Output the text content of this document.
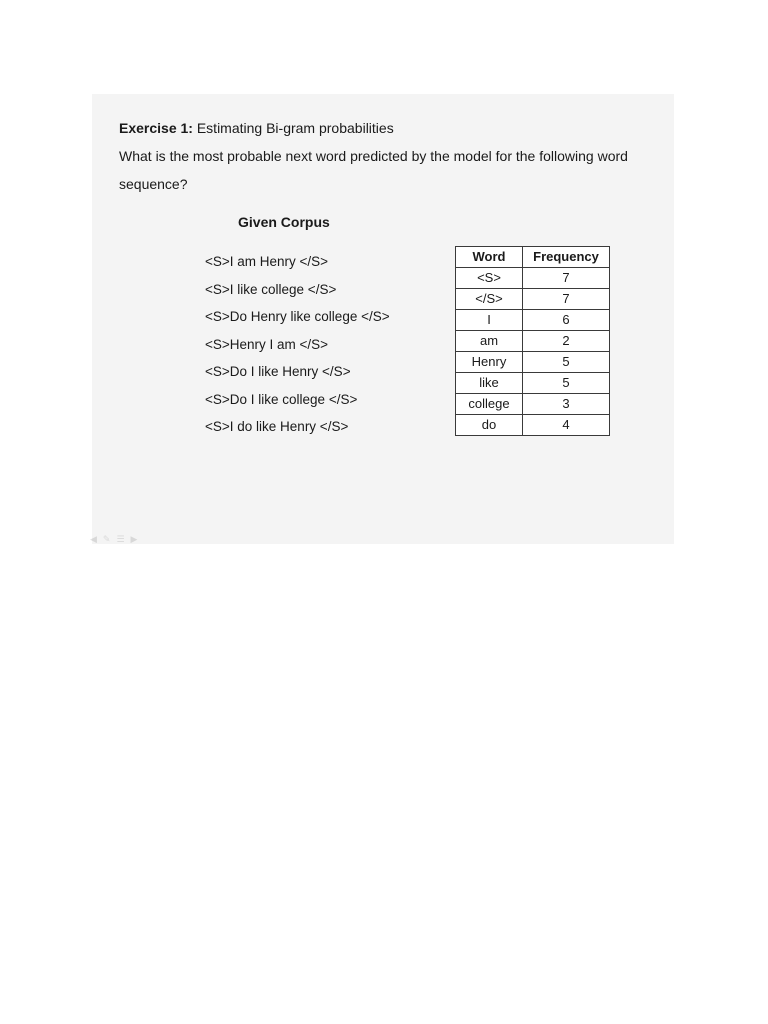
Exercise 1: Estimating Bi-gram probabilities
What is the most probable next word predicted by the model for the following word
sequence?
Given Corpus
<S>I am Henry </S>
<S>I like college </S>
<S>Do Henry like college </S>
<S>Henry I am </S>
<S>Do I like Henry </S>
<S>Do I like college </S>
<S>I do like Henry </S>
Word	Frequency
<S>	7
</S>	7
I	6
am	2
Henry	5
like	5
college	3
do	4
◀ ✎ ☰ ▶
